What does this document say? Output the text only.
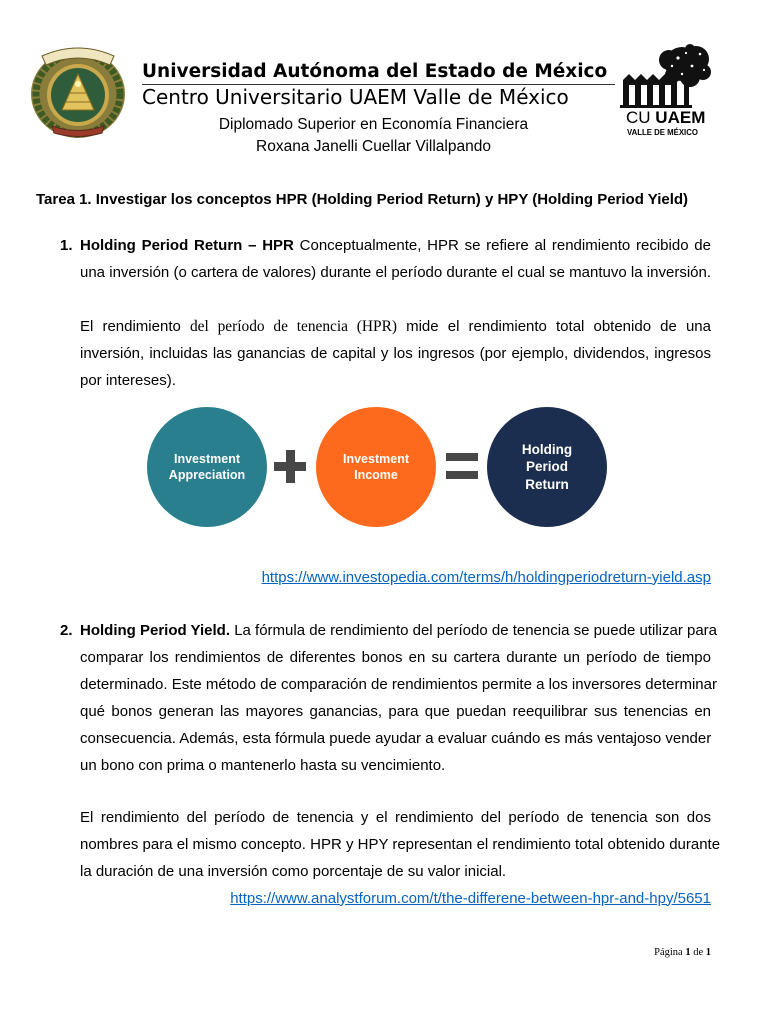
Universidad Autónoma del Estado de México
Centro Universitario UAEM Valle de México
Diplomado Superior en Economía Financiera
Roxana Janelli Cuellar Villalpando
CU UAEM
VALLE DE MÉXICO
Tarea 1. Investigar los conceptos HPR (Holding Period Return) y HPY (Holding Period Yield)
1. Holding Period Return – HPR Conceptualmente, HPR se refiere al rendimiento recibido de
una inversión (o cartera de valores) durante el período durante el cual se mantuvo la inversión.
El rendimiento del período de tenencia (HPR) mide el rendimiento total obtenido de una
inversión, incluidas las ganancias de capital y los ingresos (por ejemplo, dividendos, ingresos
por intereses).
Investment
Appreciation
Investment
Income
Holding
Period
Return
https://www.investopedia.com/terms/h/holdingperiodreturn-yield.asp
2. Holding Period Yield. La fórmula de rendimiento del período de tenencia se puede utilizar para
comparar los rendimientos de diferentes bonos en su cartera durante un período de tiempo
determinado. Este método de comparación de rendimientos permite a los inversores determinar
qué bonos generan las mayores ganancias, para que puedan reequilibrar sus tenencias en
consecuencia. Además, esta fórmula puede ayudar a evaluar cuándo es más ventajoso vender
un bono con prima o mantenerlo hasta su vencimiento.
El rendimiento del período de tenencia y el rendimiento del período de tenencia son dos
nombres para el mismo concepto. HPR y HPY representan el rendimiento total obtenido durante
la duración de una inversión como porcentaje de su valor inicial.
https://www.analystforum.com/t/the-differene-between-hpr-and-hpy/5651
Página 1 de 1
